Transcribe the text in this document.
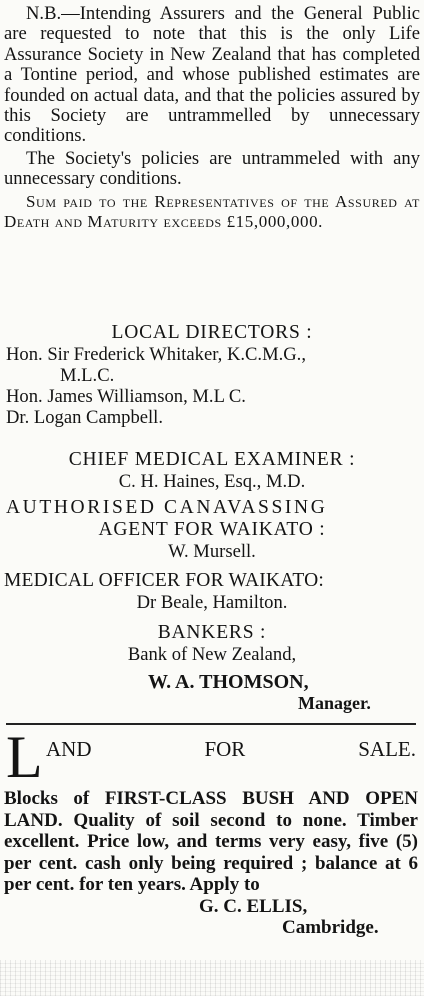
N.B.—Intending Assurers and the General Public are requested to note that this is the only Life Assurance Society in New Zealand that has completed a Tontine period, and whose published estimates are founded on actual data, and that the policies assured by this Society are untrammelled by unnecessary conditions.

The Society's policies are untrammeled with any unnecessary conditions.

Sum paid to the Representatives of the Assured at Death and Maturity exceeds £15,000,000.

LOCAL DIRECTORS :
Hon. Sir Frederick Whitaker, K.C.M.G.,
M.L.C.
Hon. James Williamson, M.L C.
Dr. Logan Campbell.
CHIEF MEDICAL EXAMINER :
C. H. Haines, Esq., M.D.
AUTHORISED CANAVASSING
AGENT FOR WAIKATO :
W. Mursell.
MEDICAL OFFICER FOR WAIKATO:
Dr Beale, Hamilton.
BANKERS :
Bank of New Zealand,
W. A. THOMSON,
Manager.
L AND	FOR	SALE.
Blocks of FIRST-CLASS BUSH AND OPEN LAND. Quality of soil second to none. Timber excellent. Price low, and terms very easy, five (5) per cent. cash only being required ; balance at 6 per cent. for ten years. Apply to
G. C. ELLIS,
Cambridge.
